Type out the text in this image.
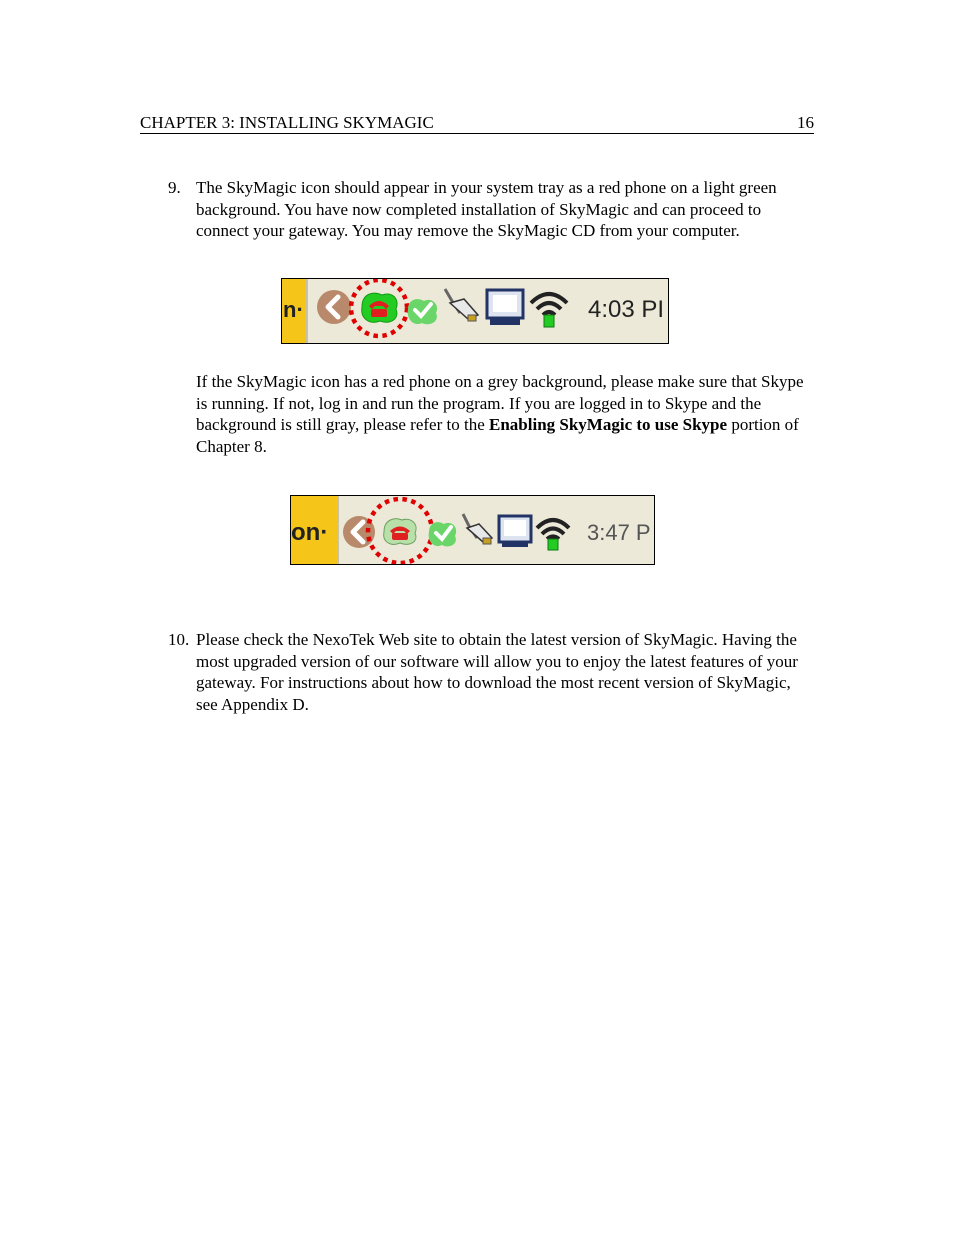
CHAPTER 3: INSTALLING SKYMAGIC	16
9. The SkyMagic icon should appear in your system tray as a red phone on a light green background. You have now completed installation of SkyMagic and can proceed to connect your gateway. You may remove the SkyMagic CD from your computer.

n·	4:03 PI

If the SkyMagic icon has a red phone on a grey background, please make sure that Skype is running. If not, log in and run the program. If you are logged in to Skype and the background is still gray, please refer to the Enabling SkyMagic to use Skype portion of Chapter 8.

on·	3:47 P
10. Please check the NexoTek Web site to obtain the latest version of SkyMagic. Having the most upgraded version of our software will allow you to enjoy the latest features of your gateway. For instructions about how to download the most recent version of SkyMagic, see Appendix D.
